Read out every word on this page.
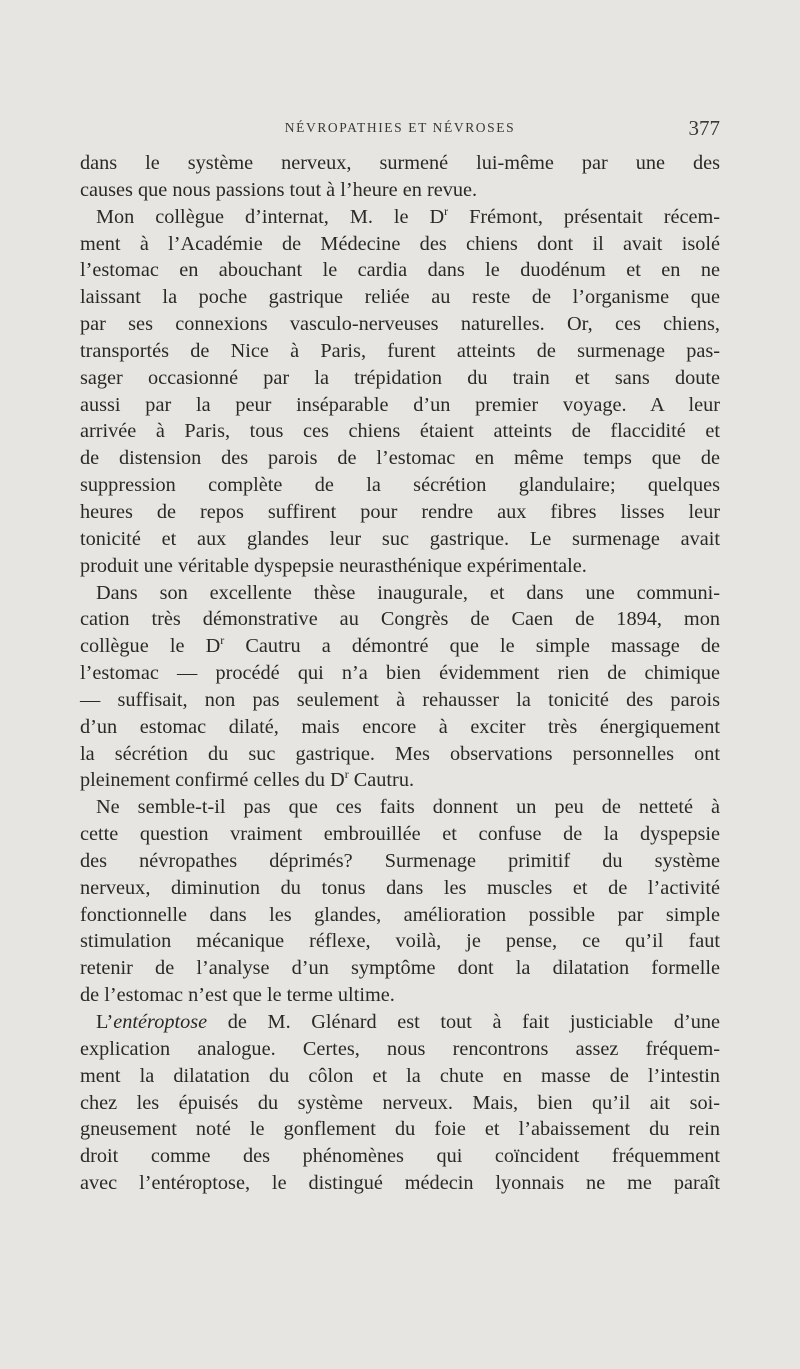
NÉVROPATHIES ET NÉVROSES	377

dans le système nerveux, surmené lui-même par une des

causes que nous passions tout à l’heure en revue.

Mon collègue d’internat, M. le $D^r$ Frémont, présentait récem-

ment à l’Académie de Médecine des chiens dont il avait isolé

l’estomac en abouchant le cardia dans le duodénum et en ne

laissant la poche gastrique reliée au reste de l’organisme que

par ses connexions vasculo-nerveuses naturelles. Or, ces chiens,

transportés de Nice à Paris, furent atteints de surmenage pas-

sager occasionné par la trépidation du train et sans doute

aussi par la peur inséparable d’un premier voyage. A leur

arrivée à Paris, tous ces chiens étaient atteints de flaccidité et

de distension des parois de l’estomac en même temps que de

suppression complète de la sécrétion glandulaire; quelques

heures de repos suffirent pour rendre aux fibres lisses leur

tonicité et aux glandes leur suc gastrique. Le surmenage avait

produit une véritable dyspepsie neurasthénique expérimentale.

Dans son excellente thèse inaugurale, et dans une communi-

cation très démonstrative au Congrès de Caen de 1894, mon

collègue le $D^r$ Cautru a démontré que le simple massage de

l’estomac — procédé qui n’a bien évidemment rien de chimique

— suffisait, non pas seulement à rehausser la tonicité des parois

d’un estomac dilaté, mais encore à exciter très énergiquement

la sécrétion du suc gastrique. Mes observations personnelles ont

pleinement confirmé celles du $D^r$ Cautru.

Ne semble-t-il pas que ces faits donnent un peu de netteté à

cette question vraiment embrouillée et confuse de la dyspepsie

des névropathes déprimés? Surmenage primitif du système

nerveux, diminution du tonus dans les muscles et de l’activité

fonctionnelle dans les glandes, amélioration possible par simple

stimulation mécanique réflexe, voilà, je pense, ce qu’il faut

retenir de l’analyse d’un symptôme dont la dilatation formelle

de l’estomac n’est que le terme ultime.

L’entéroptose de M. Glénard est tout à fait justiciable d’une

explication analogue. Certes, nous rencontrons assez fréquem-

ment la dilatation du côlon et la chute en masse de l’intestin

chez les épuisés du système nerveux. Mais, bien qu’il ait soi-

gneusement noté le gonflement du foie et l’abaissement du rein

droit comme des phénomènes qui coïncident fréquemment

avec l’entéroptose, le distingué médecin lyonnais ne me paraît
